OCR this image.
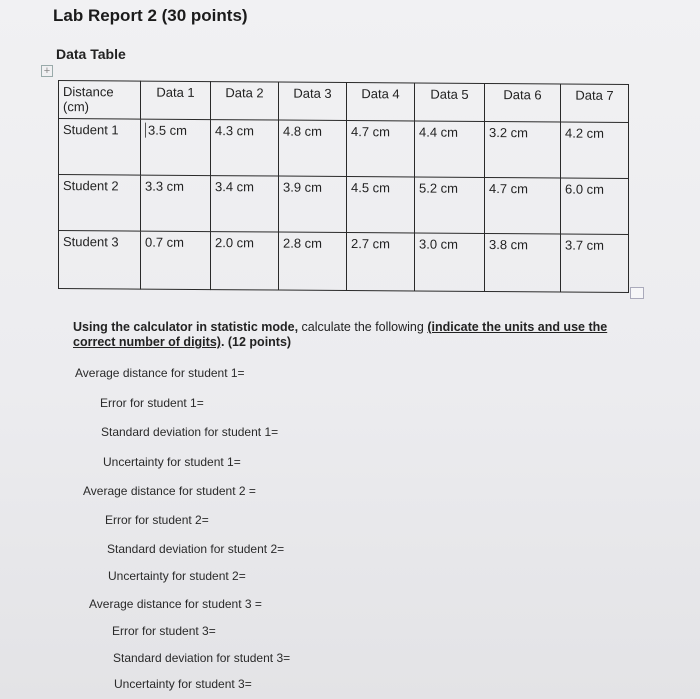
Lab Report 2 (30 points)
Data Table
+
Distance (cm)	Data 1	Data 2	Data 3	Data 4	Data 5	Data 6	Data 7
Student 1	3.5 cm	4.3 cm	4.8 cm	4.7 cm	4.4 cm	3.2 cm	4.2 cm
Student 2	3.3 cm	3.4 cm	3.9 cm	4.5 cm	5.2 cm	4.7 cm	6.0 cm
Student 3	0.7 cm	2.0 cm	2.8 cm	2.7 cm	3.0 cm	3.8 cm	3.7 cm
Using the calculator in statistic mode, calculate the following (indicate the units and use the correct number of digits). (12 points)
Average distance for student 1=
Error for student 1=
Standard deviation for student 1=
Uncertainty for student 1=
Average distance for student 2 =
Error for student 2=
Standard deviation for student 2=
Uncertainty for student 2=
Average distance for student 3 =
Error for student 3=
Standard deviation for student 3=
Uncertainty for student 3=
